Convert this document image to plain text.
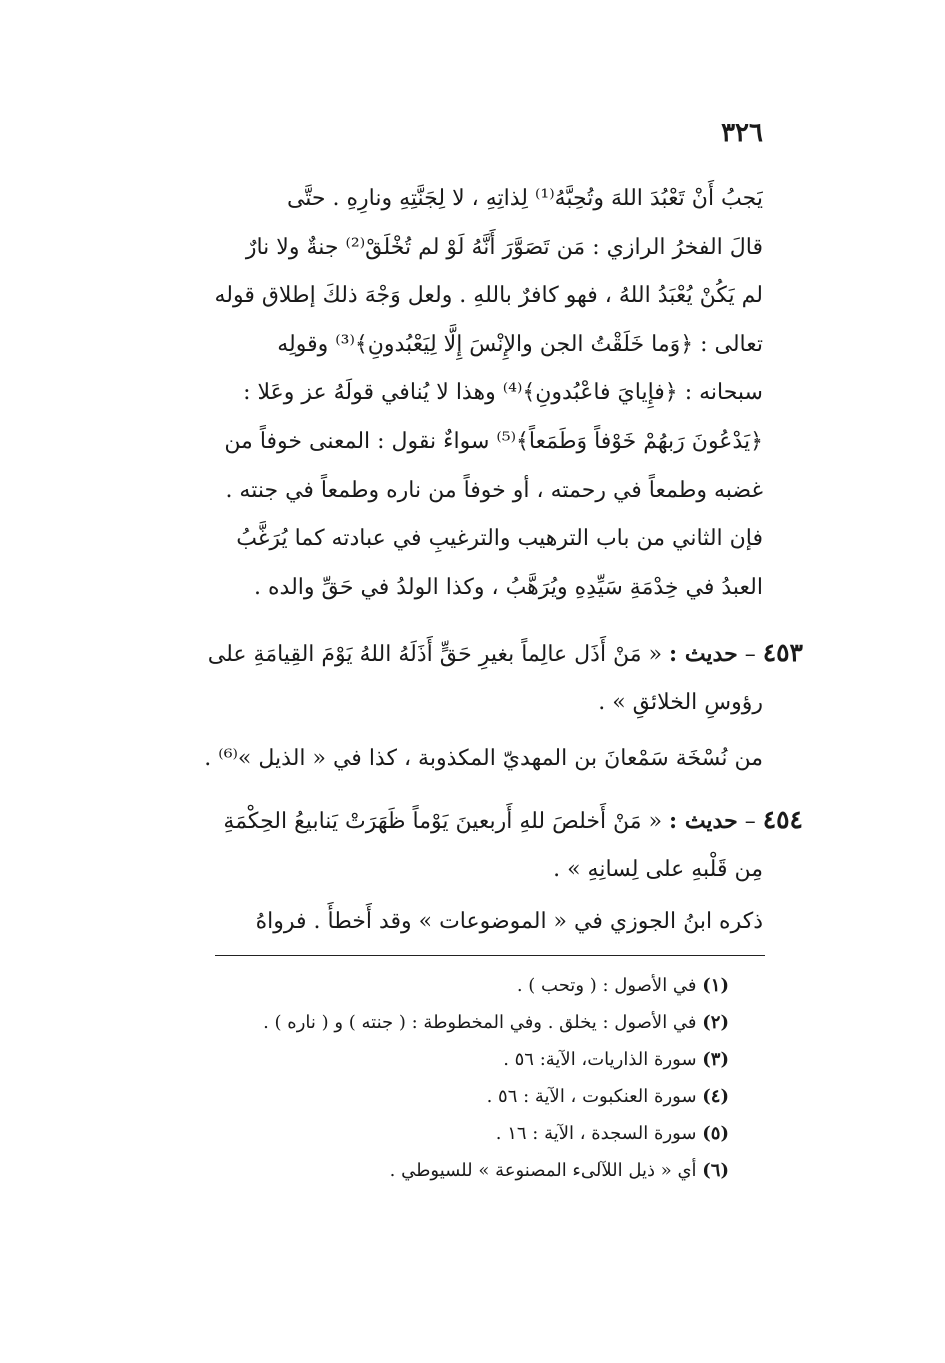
٣٢٦
يَجبُ أَنْ تَعْبُدَ اللهَ وتُحِبَّهُ⁽¹⁾ لِذاتِهِ ، لا لِجَنَّتِهِ ونارِهِ . حتَّى
قالَ الفخرُ الرازي : مَن تَصَوَّرَ أَنَّهُ لَوْ لم تُخْلَقْ⁽²⁾ جنةٌ ولا نارٌ
لم يَكُنْ يُعْبَدُ اللهُ ، فهو كافرٌ باللهِ . ولعل وَجْهَ ذلكَ إطلاق قوله
تعالى : ﴿وَما خَلَقْتُ الجن والإِنْسَ إِلَّا لِيَعْبُدونِ﴾⁽³⁾ وقولِه
سبحانه : ﴿فإِيايَ فاعْبُدونِ﴾⁽⁴⁾ وهذا لا يُنافي قولَهُ عز وعَلا :
﴿يَدْعُونَ رَبهُمْ خَوْفاً وَطَمَعاً﴾⁽⁵⁾ سواءٌ نقول : المعنى خوفاً من
غضبه وطمعاً في رحمته ، أو خوفاً من ناره وطمعاً في جنته .
فإن الثاني من باب الترهيب والترغيبِ في عبادته كما يُرَغَّبُ
العبدُ في خِدْمَةِ سَيِّدِهِ ويُرَهَّبُ ، وكذا الولدُ في حَقِّ والده .
٤٥٣ – حديث : « مَنْ أَذَل عالِماً بغيرِ حَقٍّ أَذَلَهُ اللهُ يَوْمَ القِيامَةِ على
رؤوسِ الخلائقِ » .
من نُسْخَة سَمْعانَ بن المهديّ المكذوبة ، كذا في « الذيل »⁽⁶⁾ .
٤٥٤ – حديث : « مَنْ أَخلصَ للهِ أَربعينَ يَوْماً ظَهَرَتْ يَنابيعُ الحِكْمَةِ
مِن قَلْبهِ على لِسانِهِ » .
ذكره ابنُ الجوزي في « الموضوعات » وقد أَخطأَ . فرواهُ
(١) في الأصول : ( وتحب ) .
(٢) في الأصول : يخلق . وفي المخطوطة : ( جنته ) و ( ناره ) .
(٣) سورة الذاريات، الآية: ٥٦ .
(٤) سورة العنكبوت ، الآية : ٥٦ .
(٥) سورة السجدة ، الآية : ١٦ .
(٦) أي « ذيل اللآلىء المصنوعة » للسيوطي .
